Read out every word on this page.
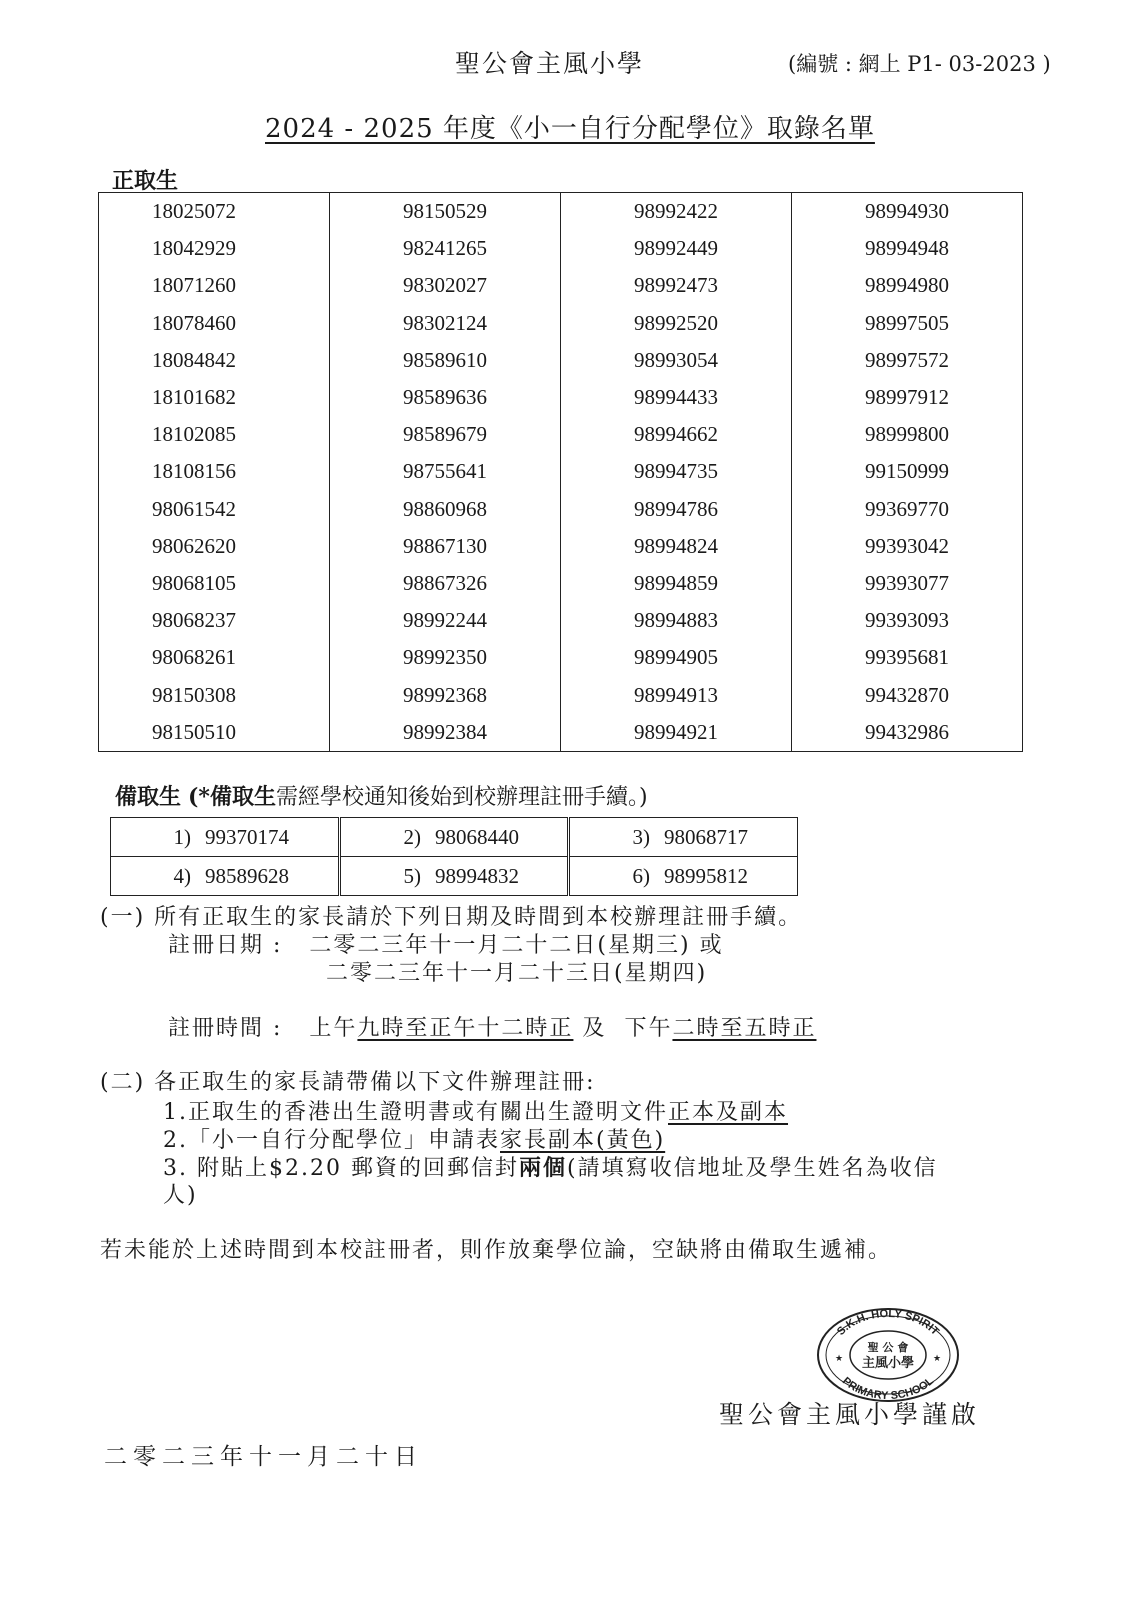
聖公會主風小學	(編號 : 網上 P1- 03-2023 )
2024 - 2025 年度《小一自行分配學位》取錄名單
正取生
18025072	98150529	98992422	98994930
18042929	98241265	98992449	98994948
18071260	98302027	98992473	98994980
18078460	98302124	98992520	98997505
18084842	98589610	98993054	98997572
18101682	98589636	98994433	98997912
18102085	98589679	98994662	98999800
18108156	98755641	98994735	99150999
98061542	98860968	98994786	99369770
98062620	98867130	98994824	99393042
98068105	98867326	98994859	99393077
98068237	98992244	98994883	99393093
98068261	98992350	98994905	99395681
98150308	98992368	98994913	99432870
98150510	98992384	98994921	99432986
備取生 (*備取生需經學校通知後始到校辦理註冊手續。)
1) 99370174	2) 98068440	3) 98068717
4) 98589628	5) 98994832	6) 98995812
(一) 所有正取生的家長請於下列日期及時間到本校辦理註冊手續。
註冊日期 :   二零二三年十一月二十二日(星期三) 或
二零二三年十一月二十三日(星期四)
註冊時間 :   上午九時至正午十二時正 及  下午二時至五時正
(二) 各正取生的家長請帶備以下文件辦理註冊:
1.正取生的香港出生證明書或有關出生證明文件正本及副本
2.「小一自行分配學位」申請表家長副本(黃色)
3. 附貼上$2.20 郵資的回郵信封兩個(請填寫收信地址及學生姓名為收信
人)
若未能於上述時間到本校註冊者，則作放棄學位論，空缺將由備取生遞補。
S.K.H. HOLY SPIRIT
PRIMARY SCHOOL
聖 公 會
主風小學
★	★
聖公會主風小學謹啟
二零二三年十一月二十日
